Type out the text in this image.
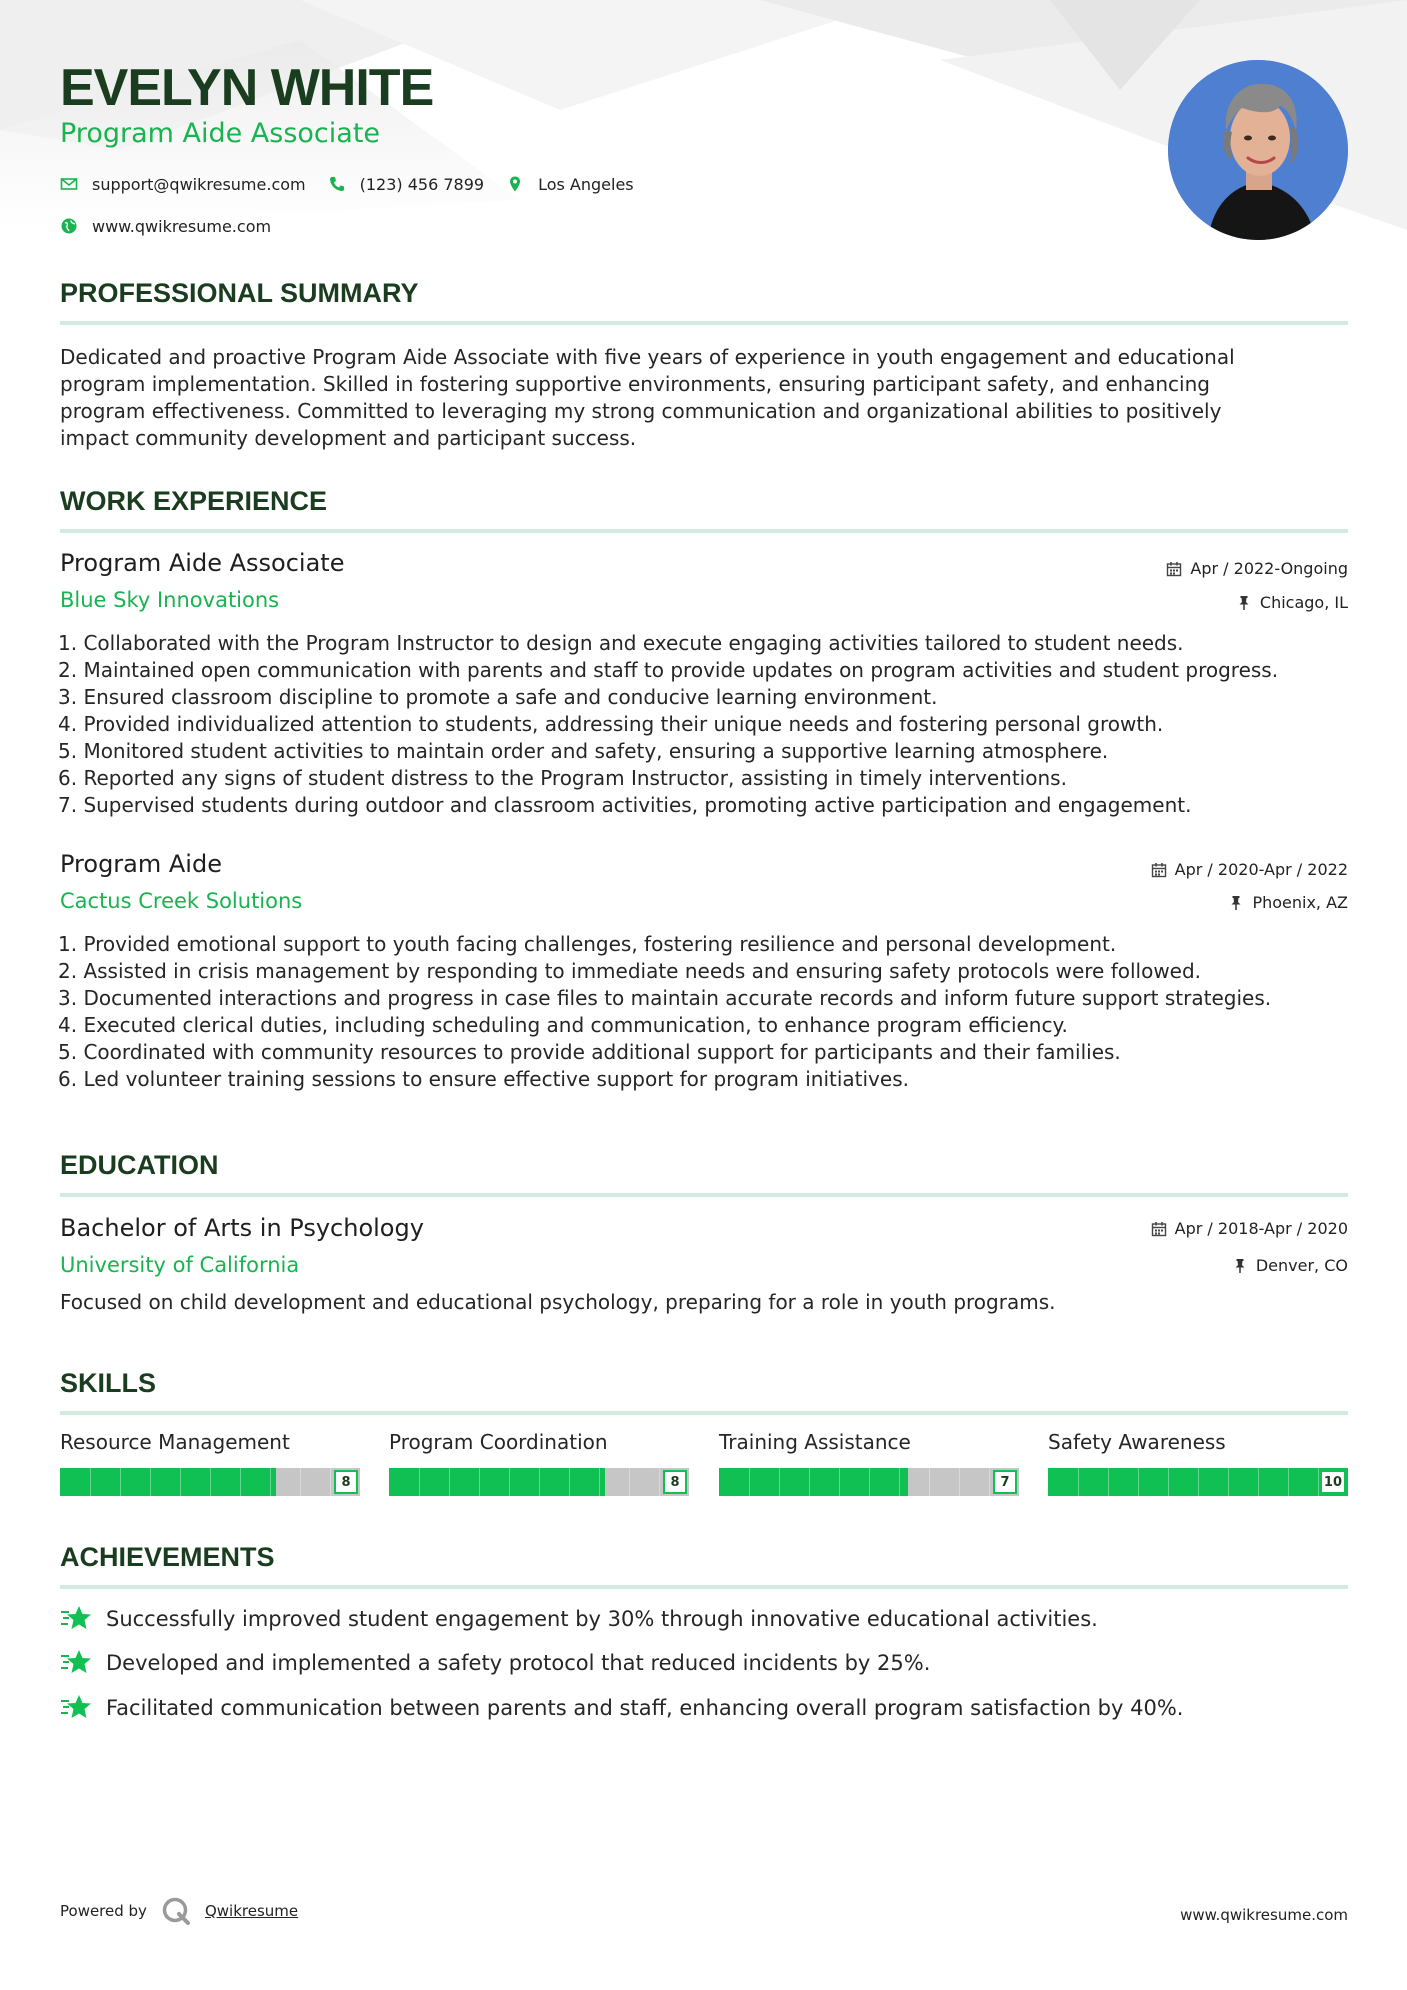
EVELYN WHITE
Program Aide Associate
support@qwikresume.com	(123) 456 7899	Los Angeles
www.qwikresume.com
PROFESSIONAL SUMMARY
Dedicated and proactive Program Aide Associate with five years of experience in youth engagement and educational
program implementation. Skilled in fostering supportive environments, ensuring participant safety, and enhancing
program effectiveness. Committed to leveraging my strong communication and organizational abilities to positively
impact community development and participant success.
WORK EXPERIENCE
Program Aide Associate
Blue Sky Innovations
Apr / 2022-Ongoing
Chicago, IL
1. Collaborated with the Program Instructor to design and execute engaging activities tailored to student needs.
2. Maintained open communication with parents and staff to provide updates on program activities and student progress.
3. Ensured classroom discipline to promote a safe and conducive learning environment.
4. Provided individualized attention to students, addressing their unique needs and fostering personal growth.
5. Monitored student activities to maintain order and safety, ensuring a supportive learning atmosphere.
6. Reported any signs of student distress to the Program Instructor, assisting in timely interventions.
7. Supervised students during outdoor and classroom activities, promoting active participation and engagement.
Program Aide
Cactus Creek Solutions
Apr / 2020-Apr / 2022
Phoenix, AZ
1. Provided emotional support to youth facing challenges, fostering resilience and personal development.
2. Assisted in crisis management by responding to immediate needs and ensuring safety protocols were followed.
3. Documented interactions and progress in case files to maintain accurate records and inform future support strategies.
4. Executed clerical duties, including scheduling and communication, to enhance program efficiency.
5. Coordinated with community resources to provide additional support for participants and their families.
6. Led volunteer training sessions to ensure effective support for program initiatives.
EDUCATION
Bachelor of Arts in Psychology
University of California
Apr / 2018-Apr / 2020
Denver, CO
Focused on child development and educational psychology, preparing for a role in youth programs.
SKILLS
Resource Management
8
Program Coordination
8
Training Assistance
7
Safety Awareness
10
ACHIEVEMENTS
Successfully improved student engagement by 30% through innovative educational activities.
Developed and implemented a safety protocol that reduced incidents by 25%.
Facilitated communication between parents and staff, enhancing overall program satisfaction by 40%.
Powered by	Qwikresume	www.qwikresume.com
